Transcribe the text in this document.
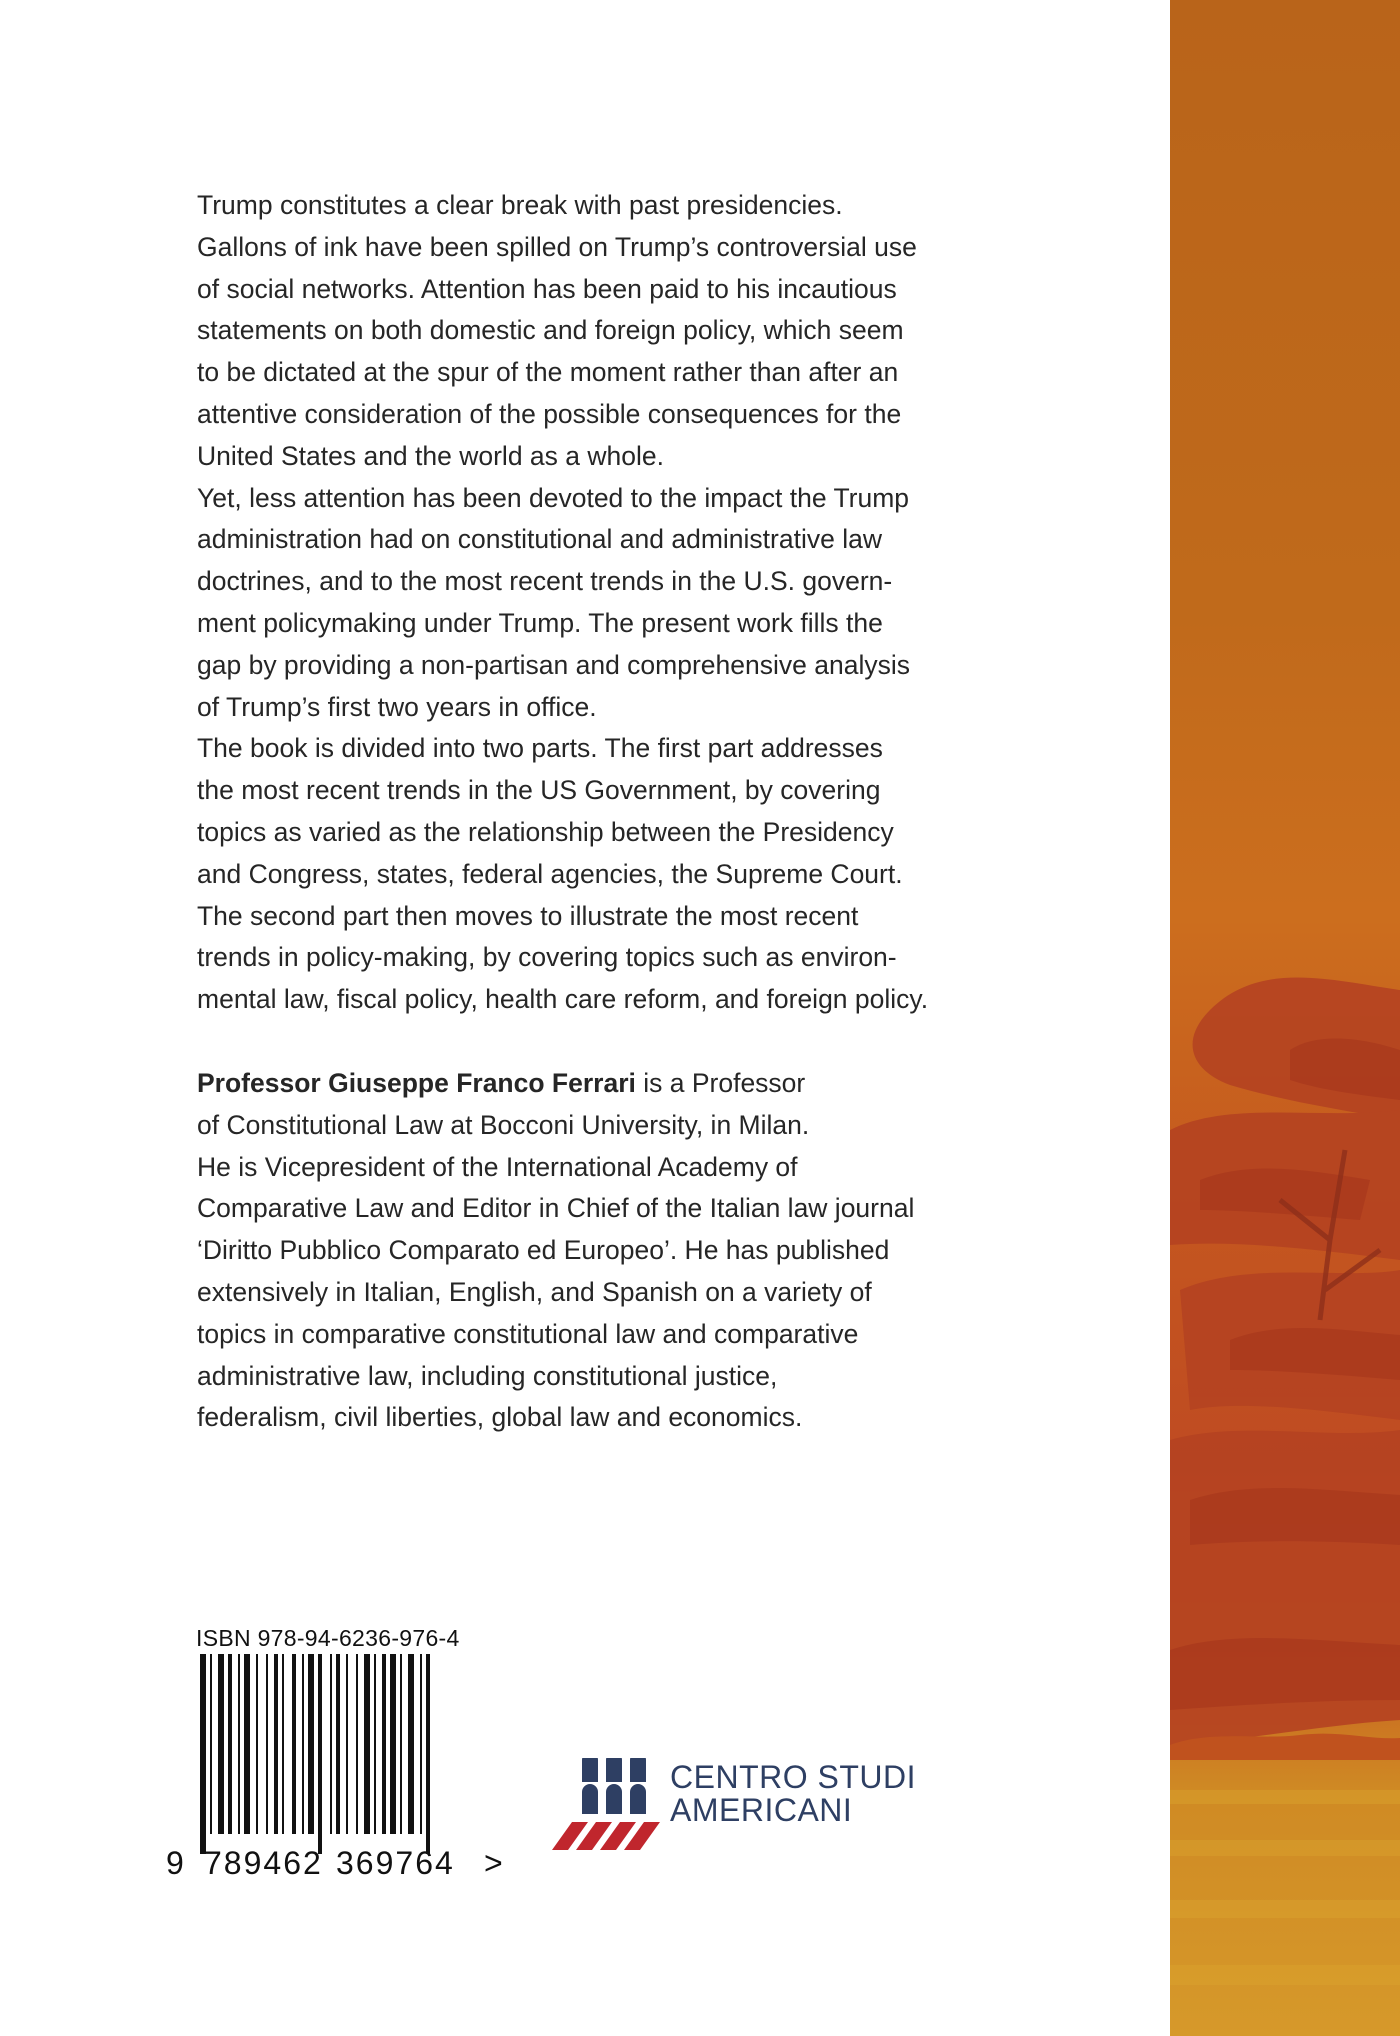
Trump constitutes a clear break with past presidencies.
Gallons of ink have been spilled on Trump’s controversial use
of social networks. Attention has been paid to his incautious
statements on both domestic and foreign policy, which seem
to be dictated at the spur of the moment rather than after an
attentive consideration of the possible consequences for the
United States and the world as a whole.

Yet, less attention has been devoted to the impact the Trump
administration had on constitutional and administrative law
doctrines, and to the most recent trends in the U.S. govern-
ment policymaking under Trump. The present work fills the
gap by providing a non-partisan and comprehensive analysis
of Trump’s first two years in office.

The book is divided into two parts. The first part addresses
the most recent trends in the US Government, by covering
topics as varied as the relationship between the Presidency
and Congress, states, federal agencies, the Supreme Court.
The second part then moves to illustrate the most recent
trends in policy-making, by covering topics such as environ-
mental law, fiscal policy, health care reform, and foreign policy.

Professor Giuseppe Franco Ferrari is a Professor
of Constitutional Law at Bocconi University, in Milan.
He is Vicepresident of the International Academy of
Comparative Law and Editor in Chief of the Italian law journal
‘Diritto Pubblico Comparato ed Europeo’. He has published
extensively in Italian, English, and Spanish on a variety of
topics in comparative constitutional law and comparative
administrative law, including constitutional justice,
federalism, civil liberties, global law and economics.

ISBN 978-94-6236-976-4
9 789462 369764 >
CENTRO STUDI
AMERICANI
